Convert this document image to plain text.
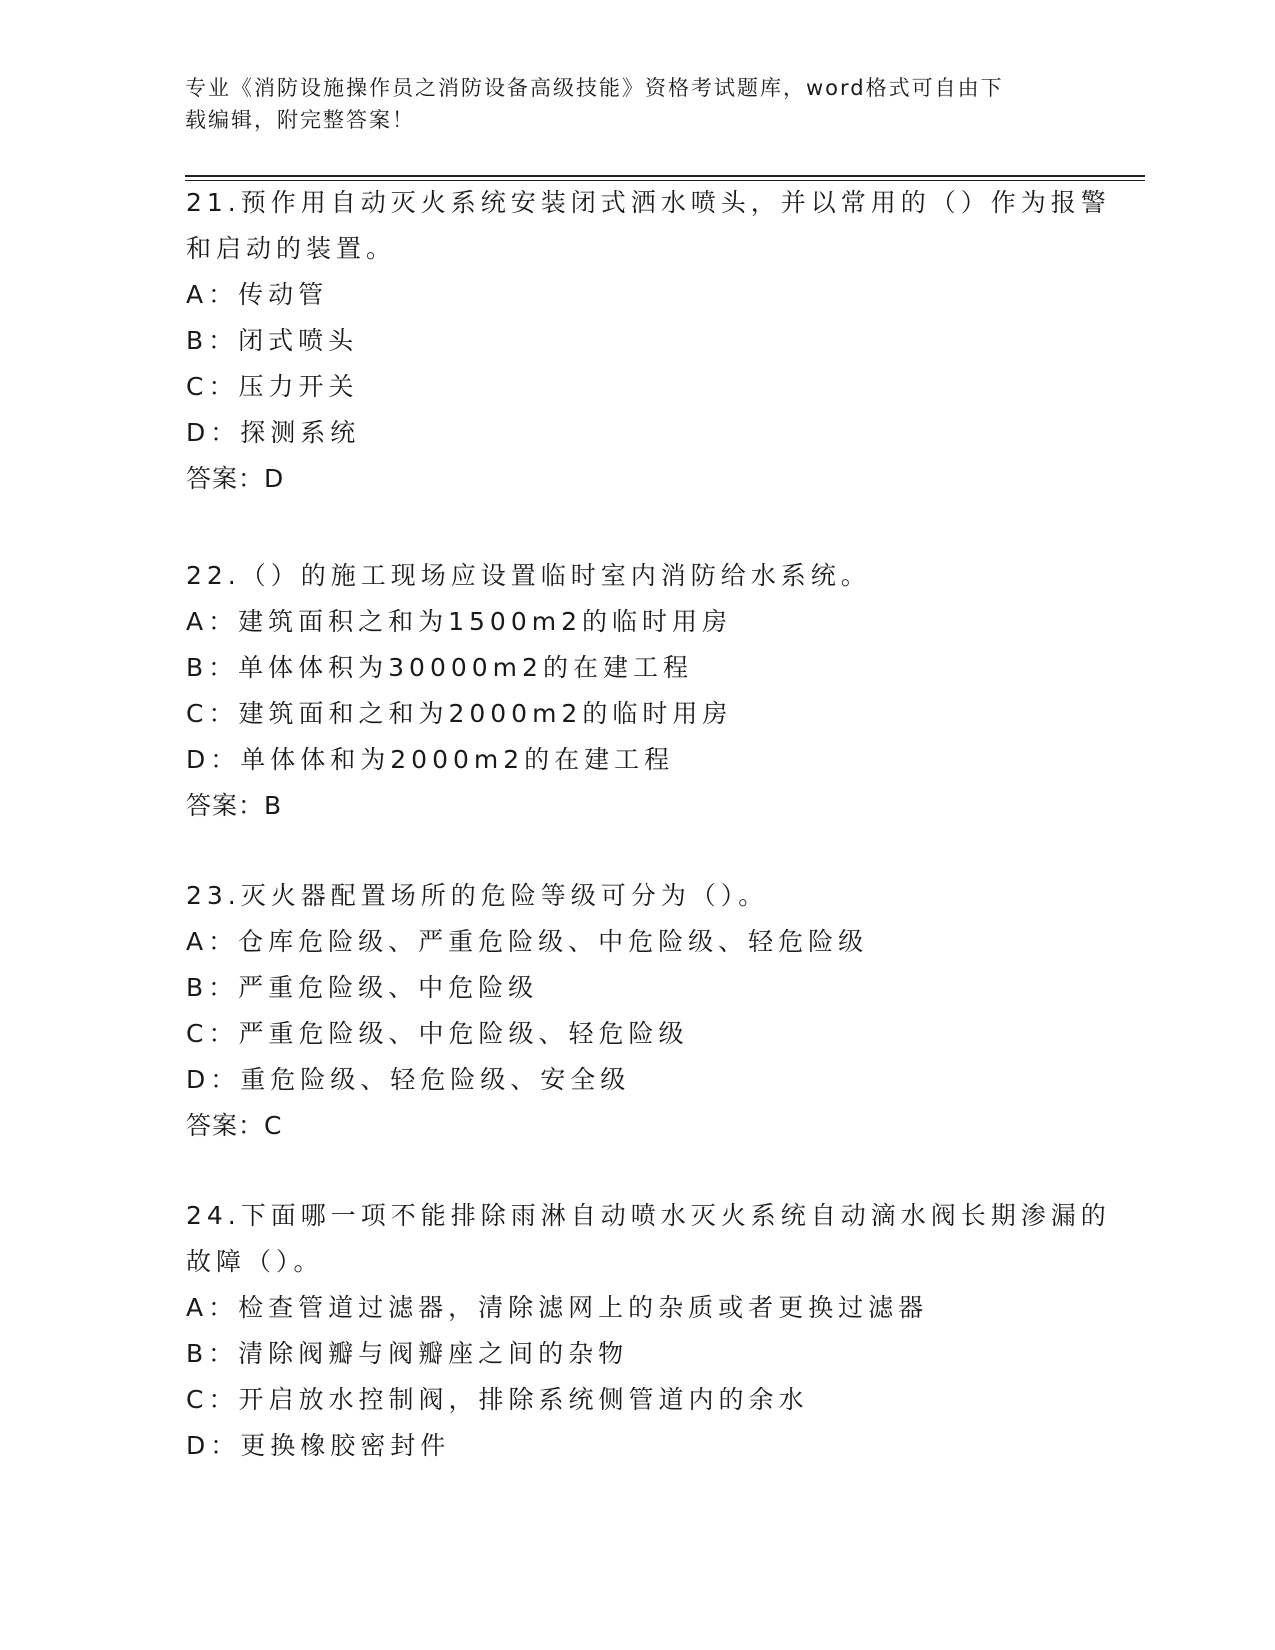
专业《消防设施操作员之消防设备高级技能》资格考试题库，word格式可自由下
载编辑，附完整答案！
21.预作用自动灭火系统安装闭式洒水喷头，并以常用的（）作为报警
和启动的装置。
A：传动管
B：闭式喷头
C：压力开关
D：探测系统
答案：D
22.（）的施工现场应设置临时室内消防给水系统。
A：建筑面积之和为1500m2的临时用房
B：单体体积为30000m2的在建工程
C：建筑面和之和为2000m2的临时用房
D：单体体和为2000m2的在建工程
答案：B
23.灭火器配置场所的危险等级可分为（）。
A：仓库危险级、严重危险级、中危险级、轻危险级
B：严重危险级、中危险级
C：严重危险级、中危险级、轻危险级
D：重危险级、轻危险级、安全级
答案：C
24.下面哪一项不能排除雨淋自动喷水灭火系统自动滴水阀长期渗漏的
故障（）。
A：检查管道过滤器，清除滤网上的杂质或者更换过滤器
B：清除阀瓣与阀瓣座之间的杂物
C：开启放水控制阀，排除系统侧管道内的余水
D：更换橡胶密封件
